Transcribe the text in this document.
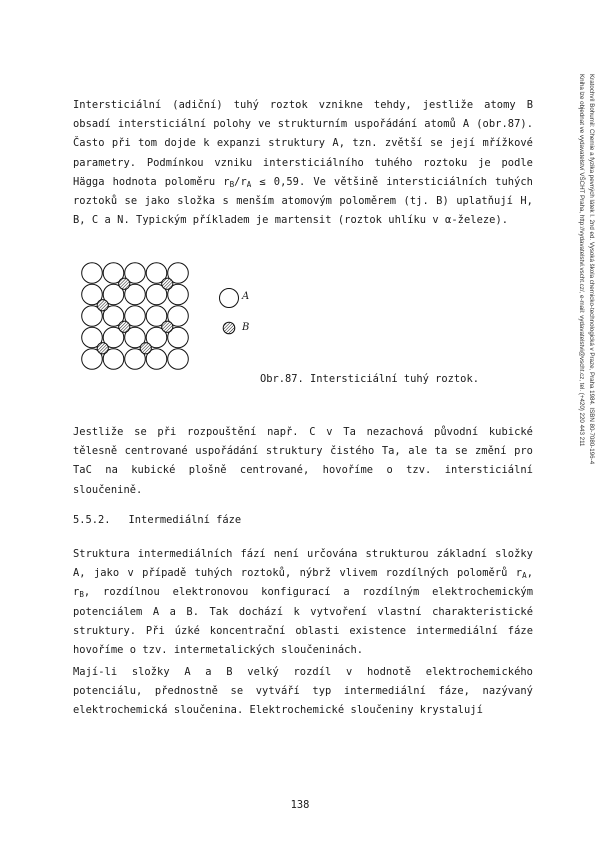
Intersticiální (adiční) tuhý roztok vznikne tehdy, jestliže atomy B obsadí intersticiální polohy ve strukturním uspořádání atomů A (obr.87). Často při tom dojde k expanzi struktury A, tzn. zvětší se její mřížkové parametry. Podmínkou vzniku intersticiálního tuhého roztoku je podle Hägga hodnota poloměru $r_B/r_A \le 0,59$. Ve většině intersticiálních tuhých roztoků se jako složka s menším atomovým poloměrem (tj. B) uplatňují H, B, C a N. Typickým příkladem je martensit (roztok uhlíku v α-železe).

A
B

Obr.87. Intersticiální tuhý roztok.

Jestliže se při rozpouštění např. C v Ta nezachová původní kubické tělesně centrované uspořádání struktury čistého Ta, ale ta se změní pro TaC na kubické plošně centrované, hovoříme o tzv. intersticiální sloučenině.

5.5.2. Intermediální fáze

Struktura intermediálních fází není určována strukturou základní složky A, jako v případě tuhých roztoků, nýbrž vlivem rozdílných poloměrů $r_A$, $r_B$, rozdílnou elektronovou konfigurací a rozdílným elektrochemickým potenciálem A a B. Tak dochází k vytvoření vlastní charakteristické struktury. Při úzké koncentrační oblasti existence intermediální fáze hovoříme o tzv. intermetalických sloučeninách.

Mají-li složky A a B velký rozdíl v hodnotě elektrochemického potenciálu, přednostně se vytváří typ intermediální fáze, nazývaný elektrochemická sloučenina. Elektrochemické sloučeniny krystalují

138

Kratochvíl Bohumil: Chemie a fyzika pevných látek I. 2nd ed. Vysoká škola chemicko-technologická v Praze, Praha 1984. ISBN 80-7080-196-4
Kniha lze objednat ve vydavatelství VŠCHT Praha, http://vydavatelstvi.vscht.cz/, e-mail: vydavatelstvi@vscht.cz, tel. (+420) 220 443 211
